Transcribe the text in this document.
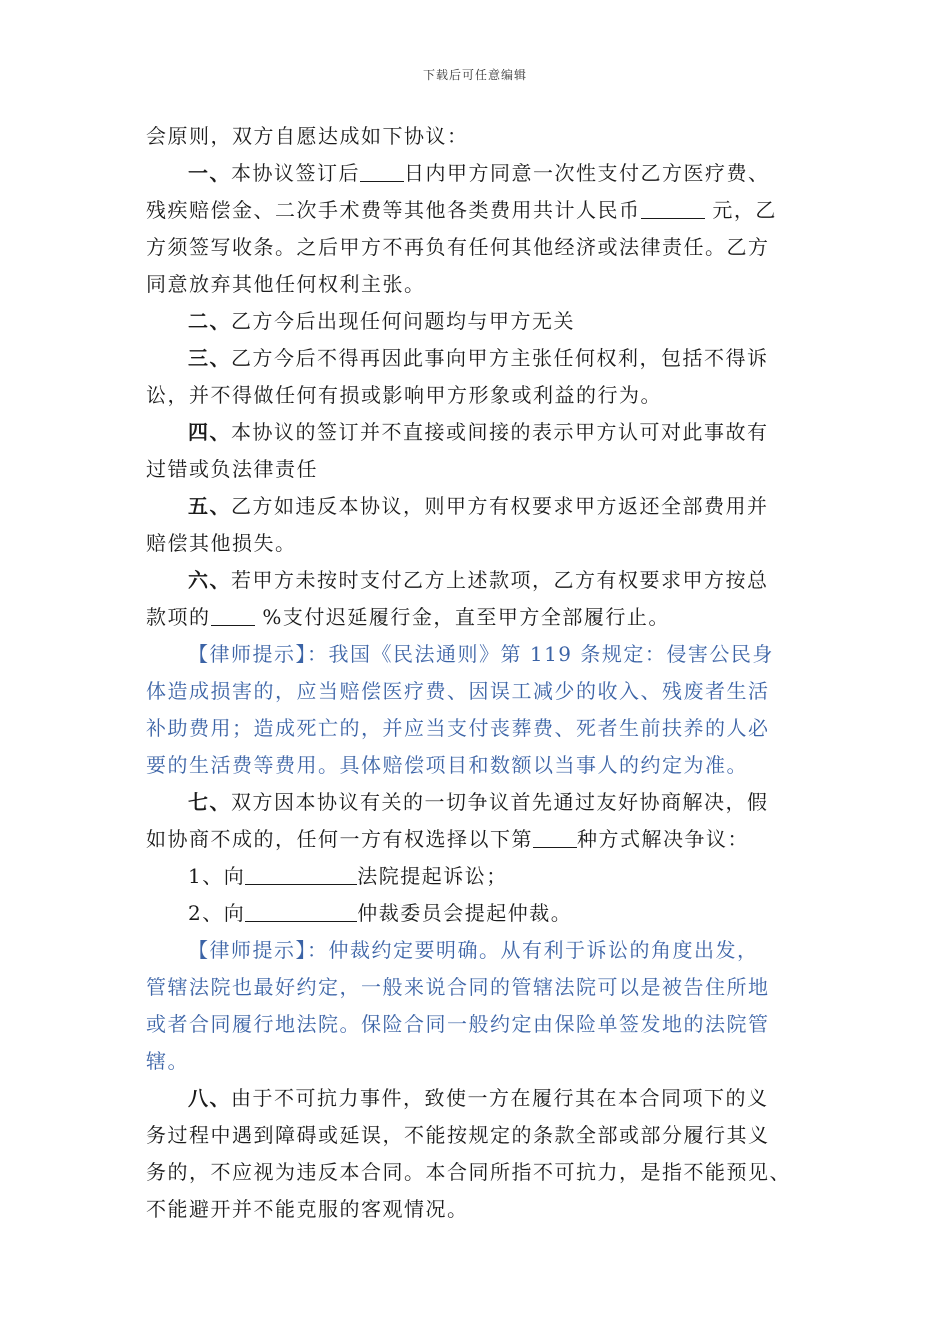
下载后可任意编辑

会原则，双方自愿达成如下协议：

一、本协议签订后 日内甲方同意一次性支付乙方医疗费、

残疾赔偿金、二次手术费等其他各类费用共计人民币	元，乙

方须签写收条。之后甲方不再负有任何其他经济或法律责任。乙方

同意放弃其他任何权利主张。

二、乙方今后出现任何问题均与甲方无关

三、乙方今后不得再因此事向甲方主张任何权利，包括不得诉

讼，并不得做任何有损或影响甲方形象或利益的行为。

四、本协议的签订并不直接或间接的表示甲方认可对此事故有

过错或负法律责任

五、乙方如违反本协议，则甲方有权要求甲方返还全部费用并

赔偿其他损失。

六、若甲方未按时支付乙方上述款项，乙方有权要求甲方按总

款项的 %支付迟延履行金，直至甲方全部履行止。

【律师提示】：我国《民法通则》第 119 条规定：侵害公民身

体造成损害的，应当赔偿医疗费、因误工减少的收入、残废者生活

补助费用；造成死亡的，并应当支付丧葬费、死者生前扶养的人必

要的生活费等费用。具体赔偿项目和数额以当事人的约定为准。

七、双方因本协议有关的一切争议首先通过友好协商解决，假

如协商不成的，任何一方有权选择以下第 种方式解决争议：

1、向	法院提起诉讼；

2、向	仲裁委员会提起仲裁。

【律师提示】：仲裁约定要明确。从有利于诉讼的角度出发，

管辖法院也最好约定，一般来说合同的管辖法院可以是被告住所地

或者合同履行地法院。保险合同一般约定由保险单签发地的法院管

辖。

八、由于不可抗力事件，致使一方在履行其在本合同项下的义

务过程中遇到障碍或延误，不能按规定的条款全部或部分履行其义

务的，不应视为违反本合同。本合同所指不可抗力，是指不能预见、

不能避开并不能克服的客观情况。
